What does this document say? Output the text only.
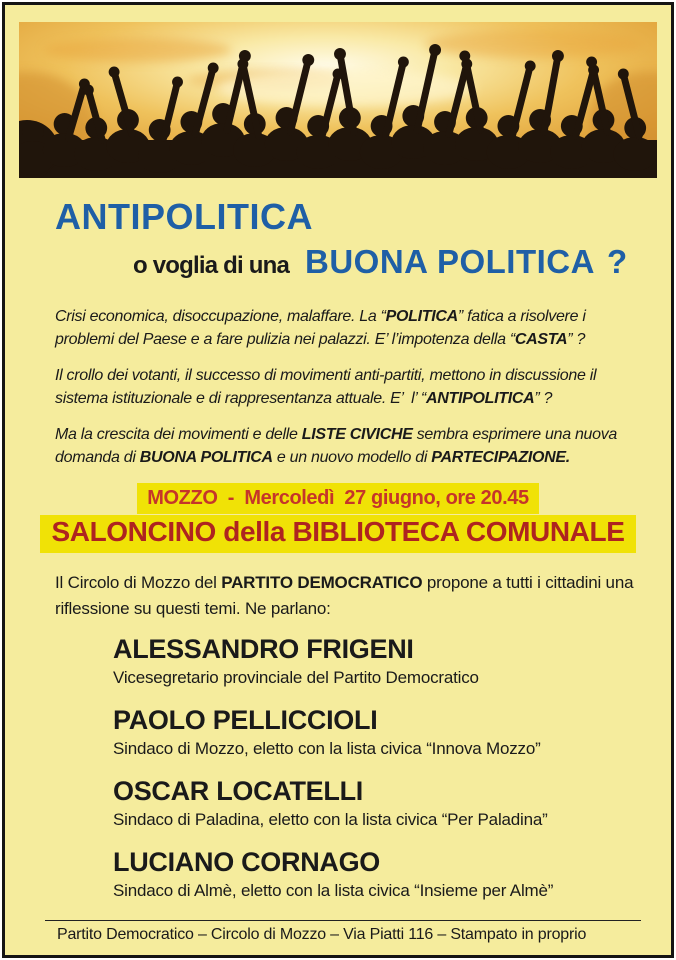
ANTIPOLITICA
o voglia di una BUONA POLITICA ?

Crisi economica, disoccupazione, malaffare. La “POLITICA” fatica a risolvere i problemi del Paese e a fare pulizia nei palazzi. E’ l’impotenza della “CASTA” ?

Il crollo dei votanti, il successo di movimenti anti-partiti, mettono in discussione il sistema istituzionale e di rappresentanza attuale. E’  l’ “ANTIPOLITICA” ?

Ma la crescita dei movimenti e delle LISTE CIVICHE sembra esprimere una nuova domanda di BUONA POLITICA e un nuovo modello di PARTECIPAZIONE.

MOZZO  -  Mercoledì  27 giugno, ore 20.45
SALONCINO della BIBLIOTECA COMUNALE

Il Circolo di Mozzo del PARTITO DEMOCRATICO propone a tutti i cittadini una riflessione su questi temi. Ne parlano:

ALESSANDRO FRIGENI
Vicesegretario provinciale del Partito Democratico
PAOLO PELLICCIOLI
Sindaco di Mozzo, eletto con la lista civica “Innova Mozzo”
OSCAR LOCATELLI
Sindaco di Paladina, eletto con la lista civica “Per Paladina”
LUCIANO CORNAGO
Sindaco di Almè, eletto con la lista civica “Insieme per Almè”
Partito Democratico – Circolo di Mozzo – Via Piatti 116 – Stampato in proprio
